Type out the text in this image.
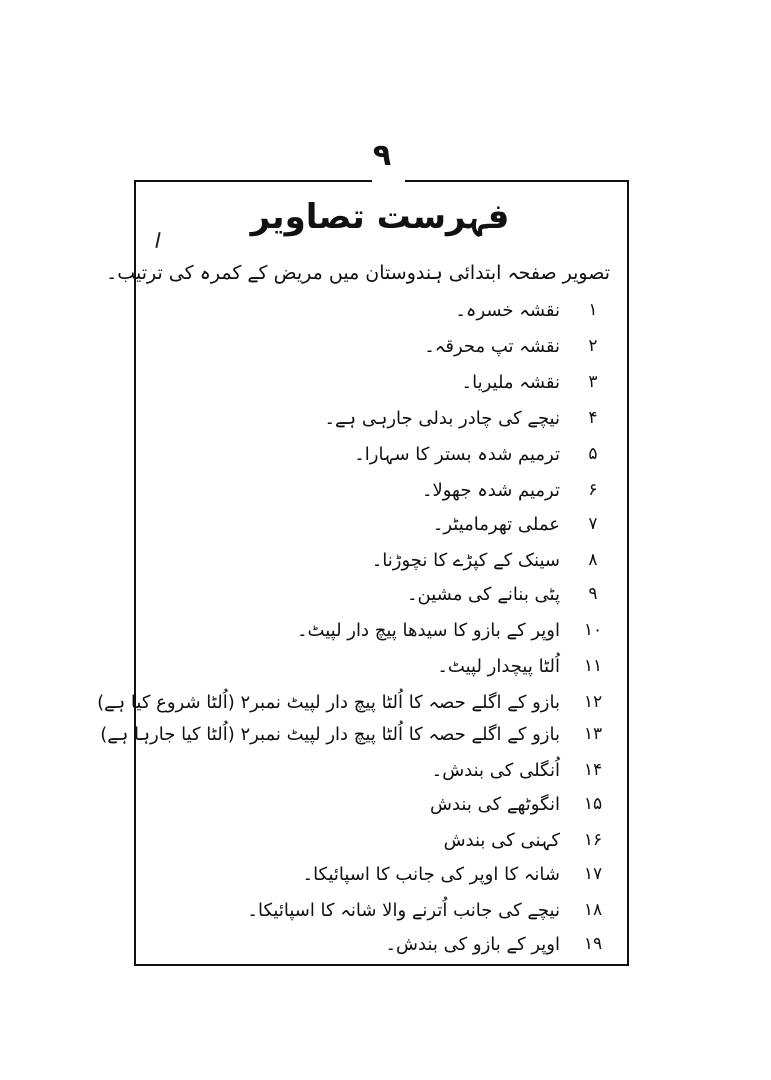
۹
فہرست تصاویر
تصویر صفحہ ابتدائی ہندوستان میں مریض کے کمرہ کی ترتیب۔
۱
نقشہ خسرہ۔
۲
نقشہ تپ محرقہ۔
۳
نقشہ ملیریا۔
۴
نیچے کی چادر بدلی جارہی ہے۔
۵
ترمیم شدہ بستر کا سہارا۔
۶
ترمیم شدہ جھولا۔
۷
عملی تھرمامیٹر۔
۸
سینک کے کپڑے کا نچوڑنا۔
۹
پٹی بنانے کی مشین۔
۱۰
اوپر کے بازو کا سیدھا پیچ دار لپیٹ۔
۱۱
اُلٹا پیچدار لپیٹ۔
۱۲
بازو کے اگلے حصہ کا اُلٹا پیچ دار لپیٹ نمبر۲ (اُلٹا شروع کیا ہے)
۱۳
بازو کے اگلے حصہ کا اُلٹا پیچ دار لپیٹ نمبر۲ (اُلٹا کیا جارہا ہے)
۱۴
اُنگلی کی بندش۔
۱۵
انگوٹھے کی بندش
۱۶
کہنی کی بندش
۱۷
شانہ کا اوپر کی جانب کا اسپائیکا۔
۱۸
نیچے کی جانب اُترنے والا شانہ کا اسپائیکا۔
۱۹
اوپر کے بازو کی بندش۔
